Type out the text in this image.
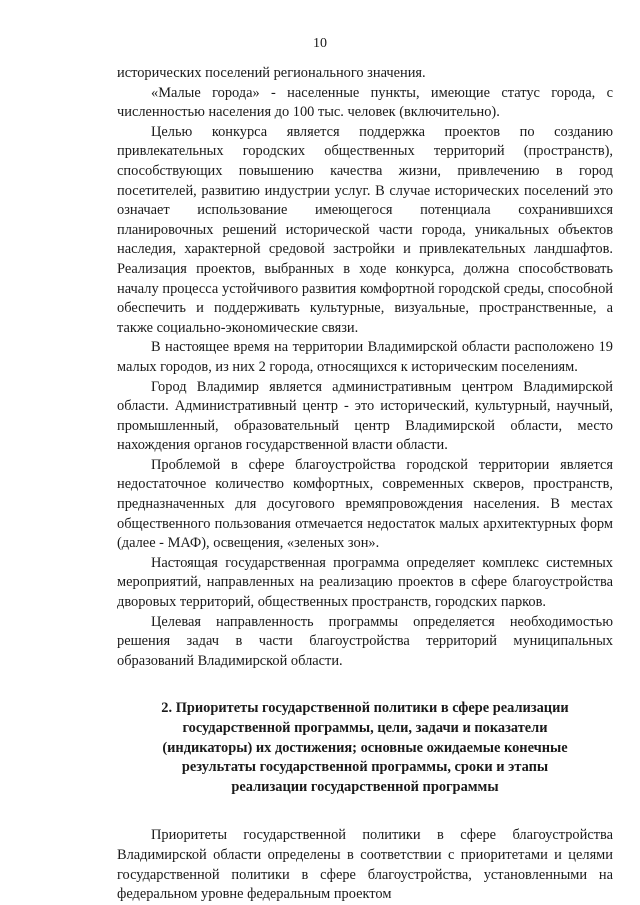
10

исторических поселений регионального значения.

«Малые города» - населенные пункты, имеющие статус города, с численностью населения до 100 тыс. человек (включительно).

Целью конкурса является поддержка проектов по созданию привлекательных городских общественных территорий (пространств), способствующих повышению качества жизни, привлечению в город посетителей, развитию индустрии услуг. В случае исторических поселений это означает использование имеющегося потенциала сохранившихся планировочных решений исторической части города, уникальных объектов наследия, характерной средовой застройки и привлекательных ландшафтов. Реализация проектов, выбранных в ходе конкурса, должна способствовать началу процесса устойчивого развития комфортной городской среды, способной обеспечить и поддерживать культурные, визуальные, пространственные, а также социально-экономические связи.

В настоящее время на территории Владимирской области расположено 19 малых городов, из них 2 города, относящихся к историческим поселениям.

Город Владимир является административным центром Владимирской области. Административный центр - это исторический, культурный, научный, промышленный, образовательный центр Владимирской области, место нахождения органов государственной власти области.

Проблемой в сфере благоустройства городской территории является недостаточное количество комфортных, современных скверов, пространств, предназначенных для досугового времяпровождения населения. В местах общественного пользования отмечается недостаток малых архитектурных форм (далее - МАФ), освещения, «зеленых зон».

Настоящая государственная программа определяет комплекс системных мероприятий, направленных на реализацию проектов в сфере благоустройства дворовых территорий, общественных пространств, городских парков.

Целевая направленность программы определяется необходимостью решения задач в части благоустройства территорий муниципальных образований Владимирской области.

2. Приоритеты государственной политики в сфере реализации
государственной программы, цели, задачи и показатели
(индикаторы) их достижения; основные ожидаемые конечные
результаты государственной программы, сроки и этапы
реализации государственной программы

Приоритеты государственной политики в сфере благоустройства Владимирской области определены в соответствии с приоритетами и целями государственной политики в сфере благоустройства, установленными на федеральном уровне федеральным проектом
